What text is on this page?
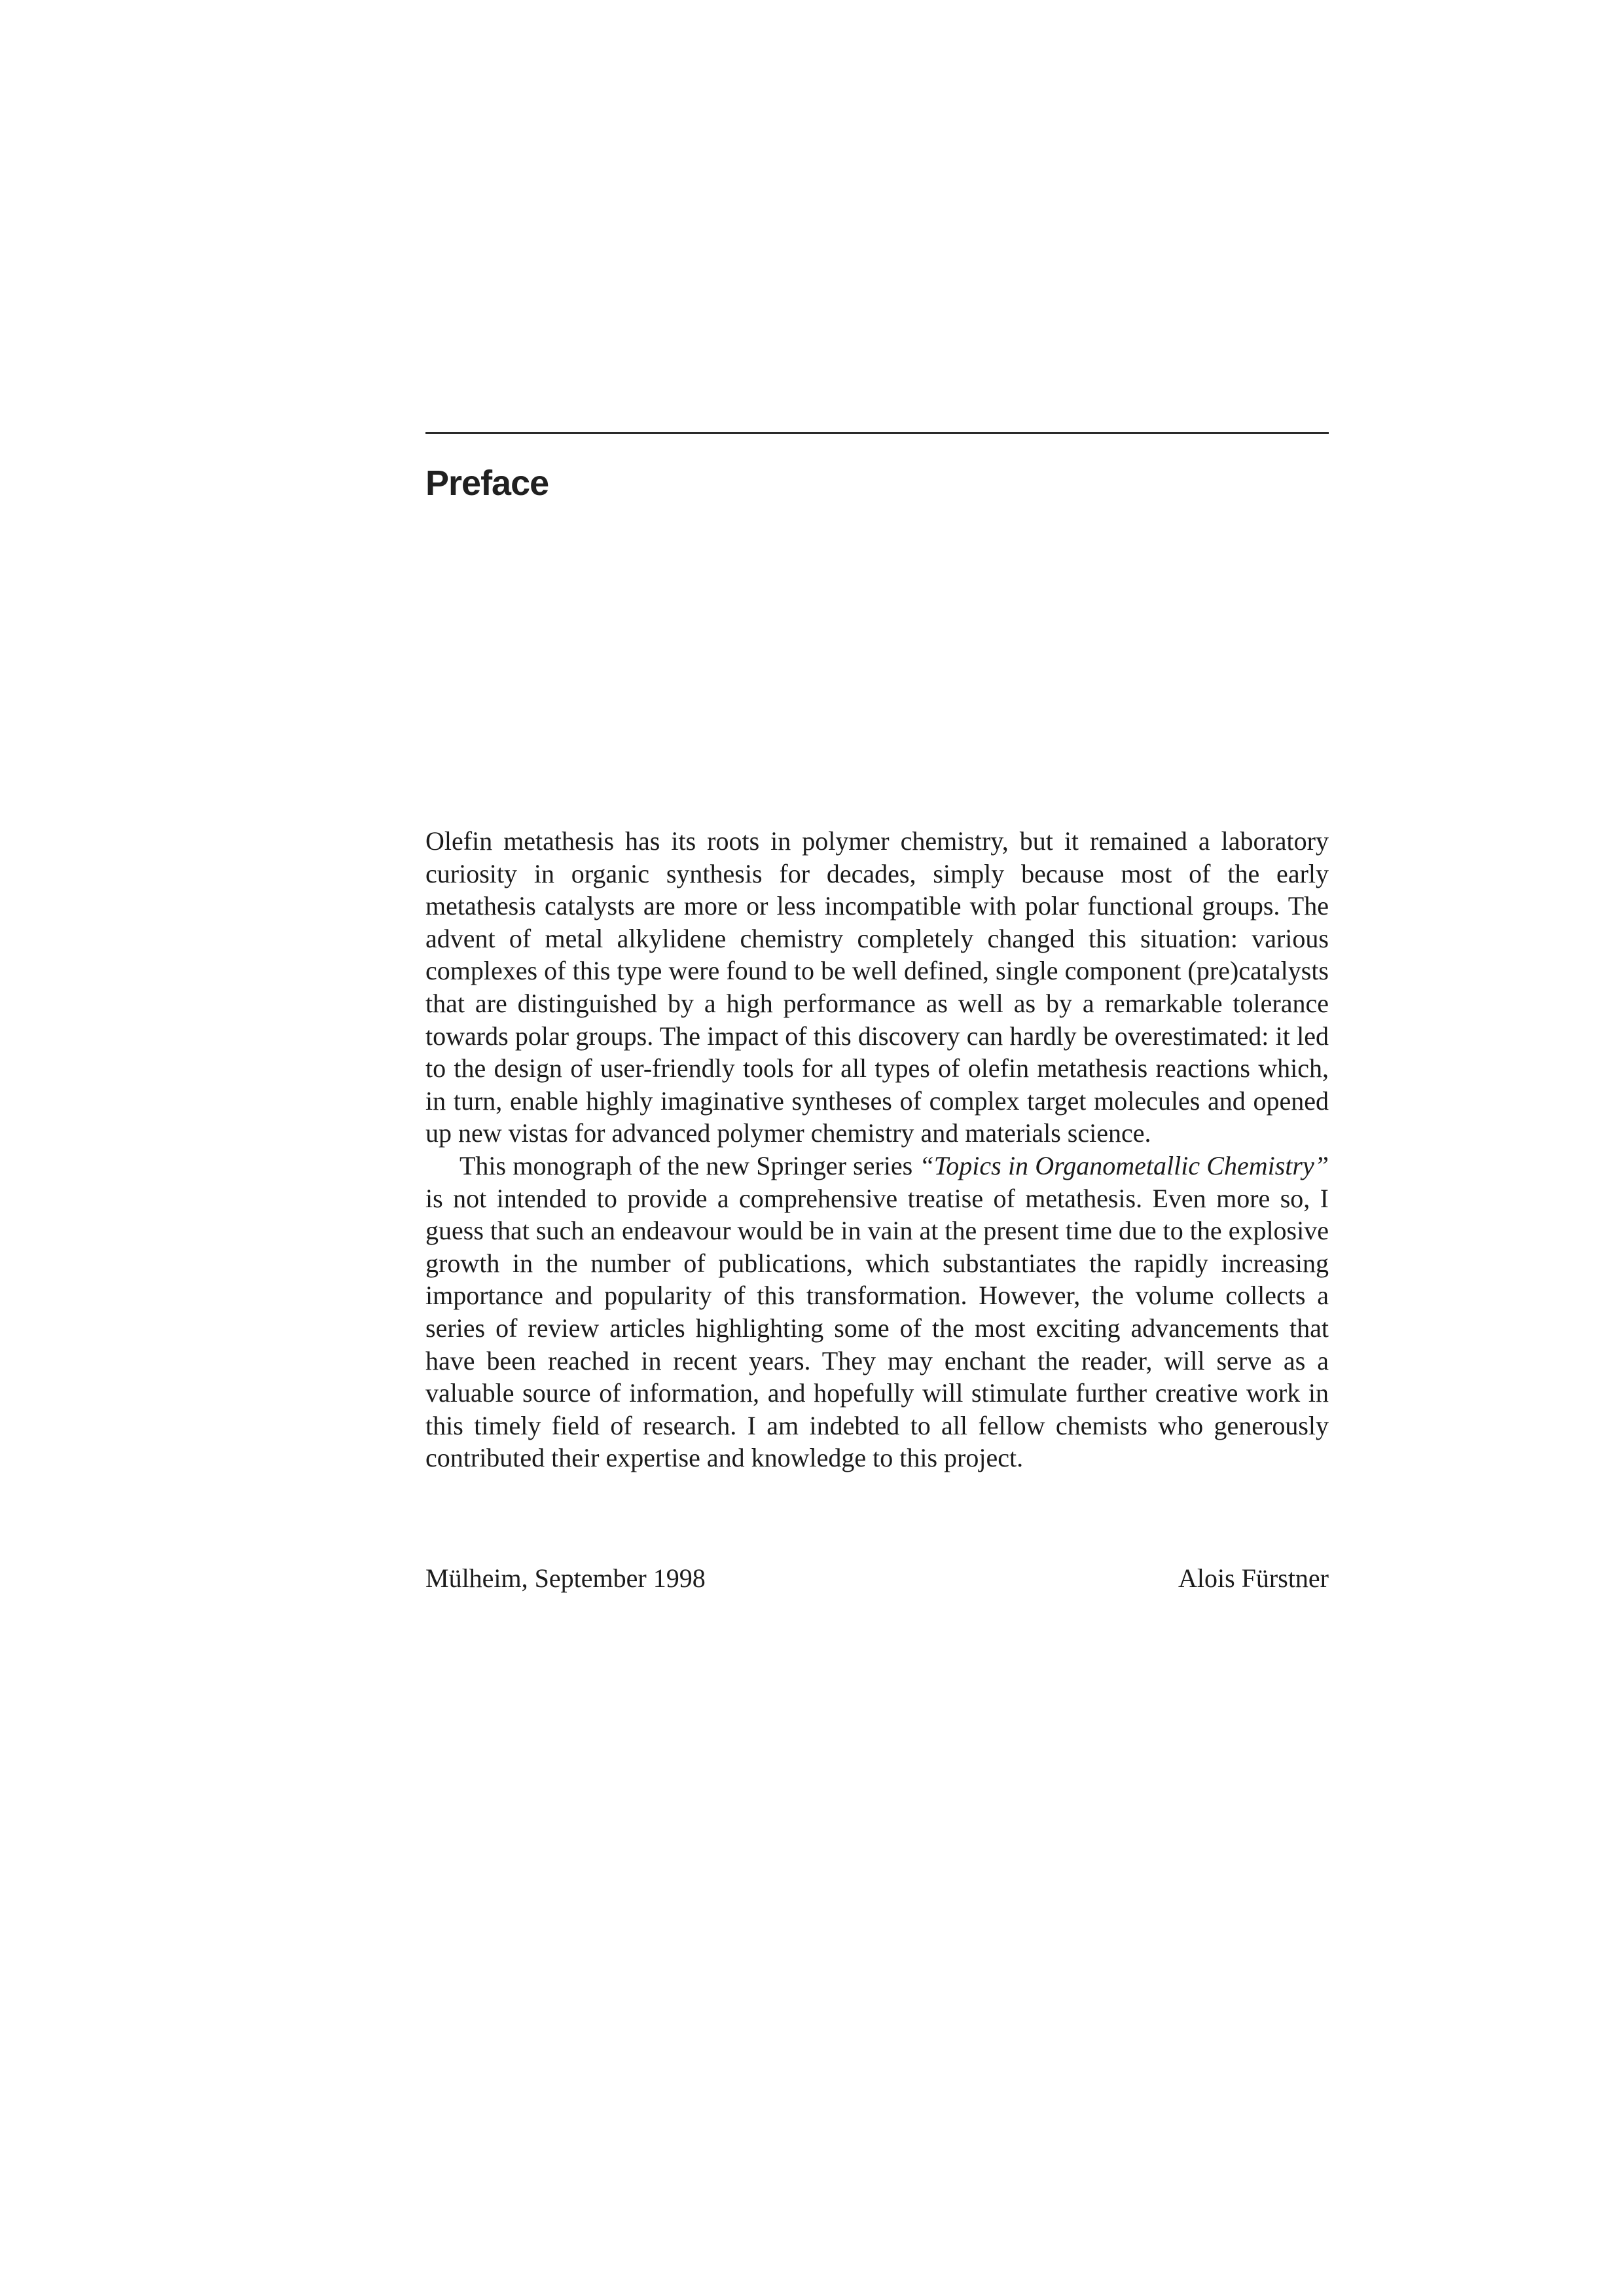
Preface

Olefin metathesis has its roots in polymer chemistry, but it remained a laboratory curiosity in organic synthesis for decades, simply because most of the early metathesis catalysts are more or less incompatible with polar functional groups. The advent of metal alkylidene chemistry completely changed this situation: various complexes of this type were found to be well defined, single component (pre)catalysts that are distinguished by a high performance as well as by a remarkable tolerance towards polar groups. The impact of this discovery can hardly be overestimated: it led to the design of user-friendly tools for all types of olefin metathesis reactions which, in turn, enable highly imaginative syntheses of complex target molecules and opened up new vistas for advanced polymer chemistry and materials science.

This monograph of the new Springer series “Topics in Organometallic Chemistry” is not intended to provide a comprehensive treatise of metathesis. Even more so, I guess that such an endeavour would be in vain at the present time due to the explosive growth in the number of publications, which substantiates the rapidly increasing importance and popularity of this transformation. However, the volume collects a series of review articles highlighting some of the most exciting advancements that have been reached in recent years. They may enchant the reader, will serve as a valuable source of information, and hopefully will stimulate further creative work in this timely field of research. I am indebted to all fellow chemists who generously contributed their expertise and knowledge to this project.

Mülheim, September 1998	Alois Fürstner
